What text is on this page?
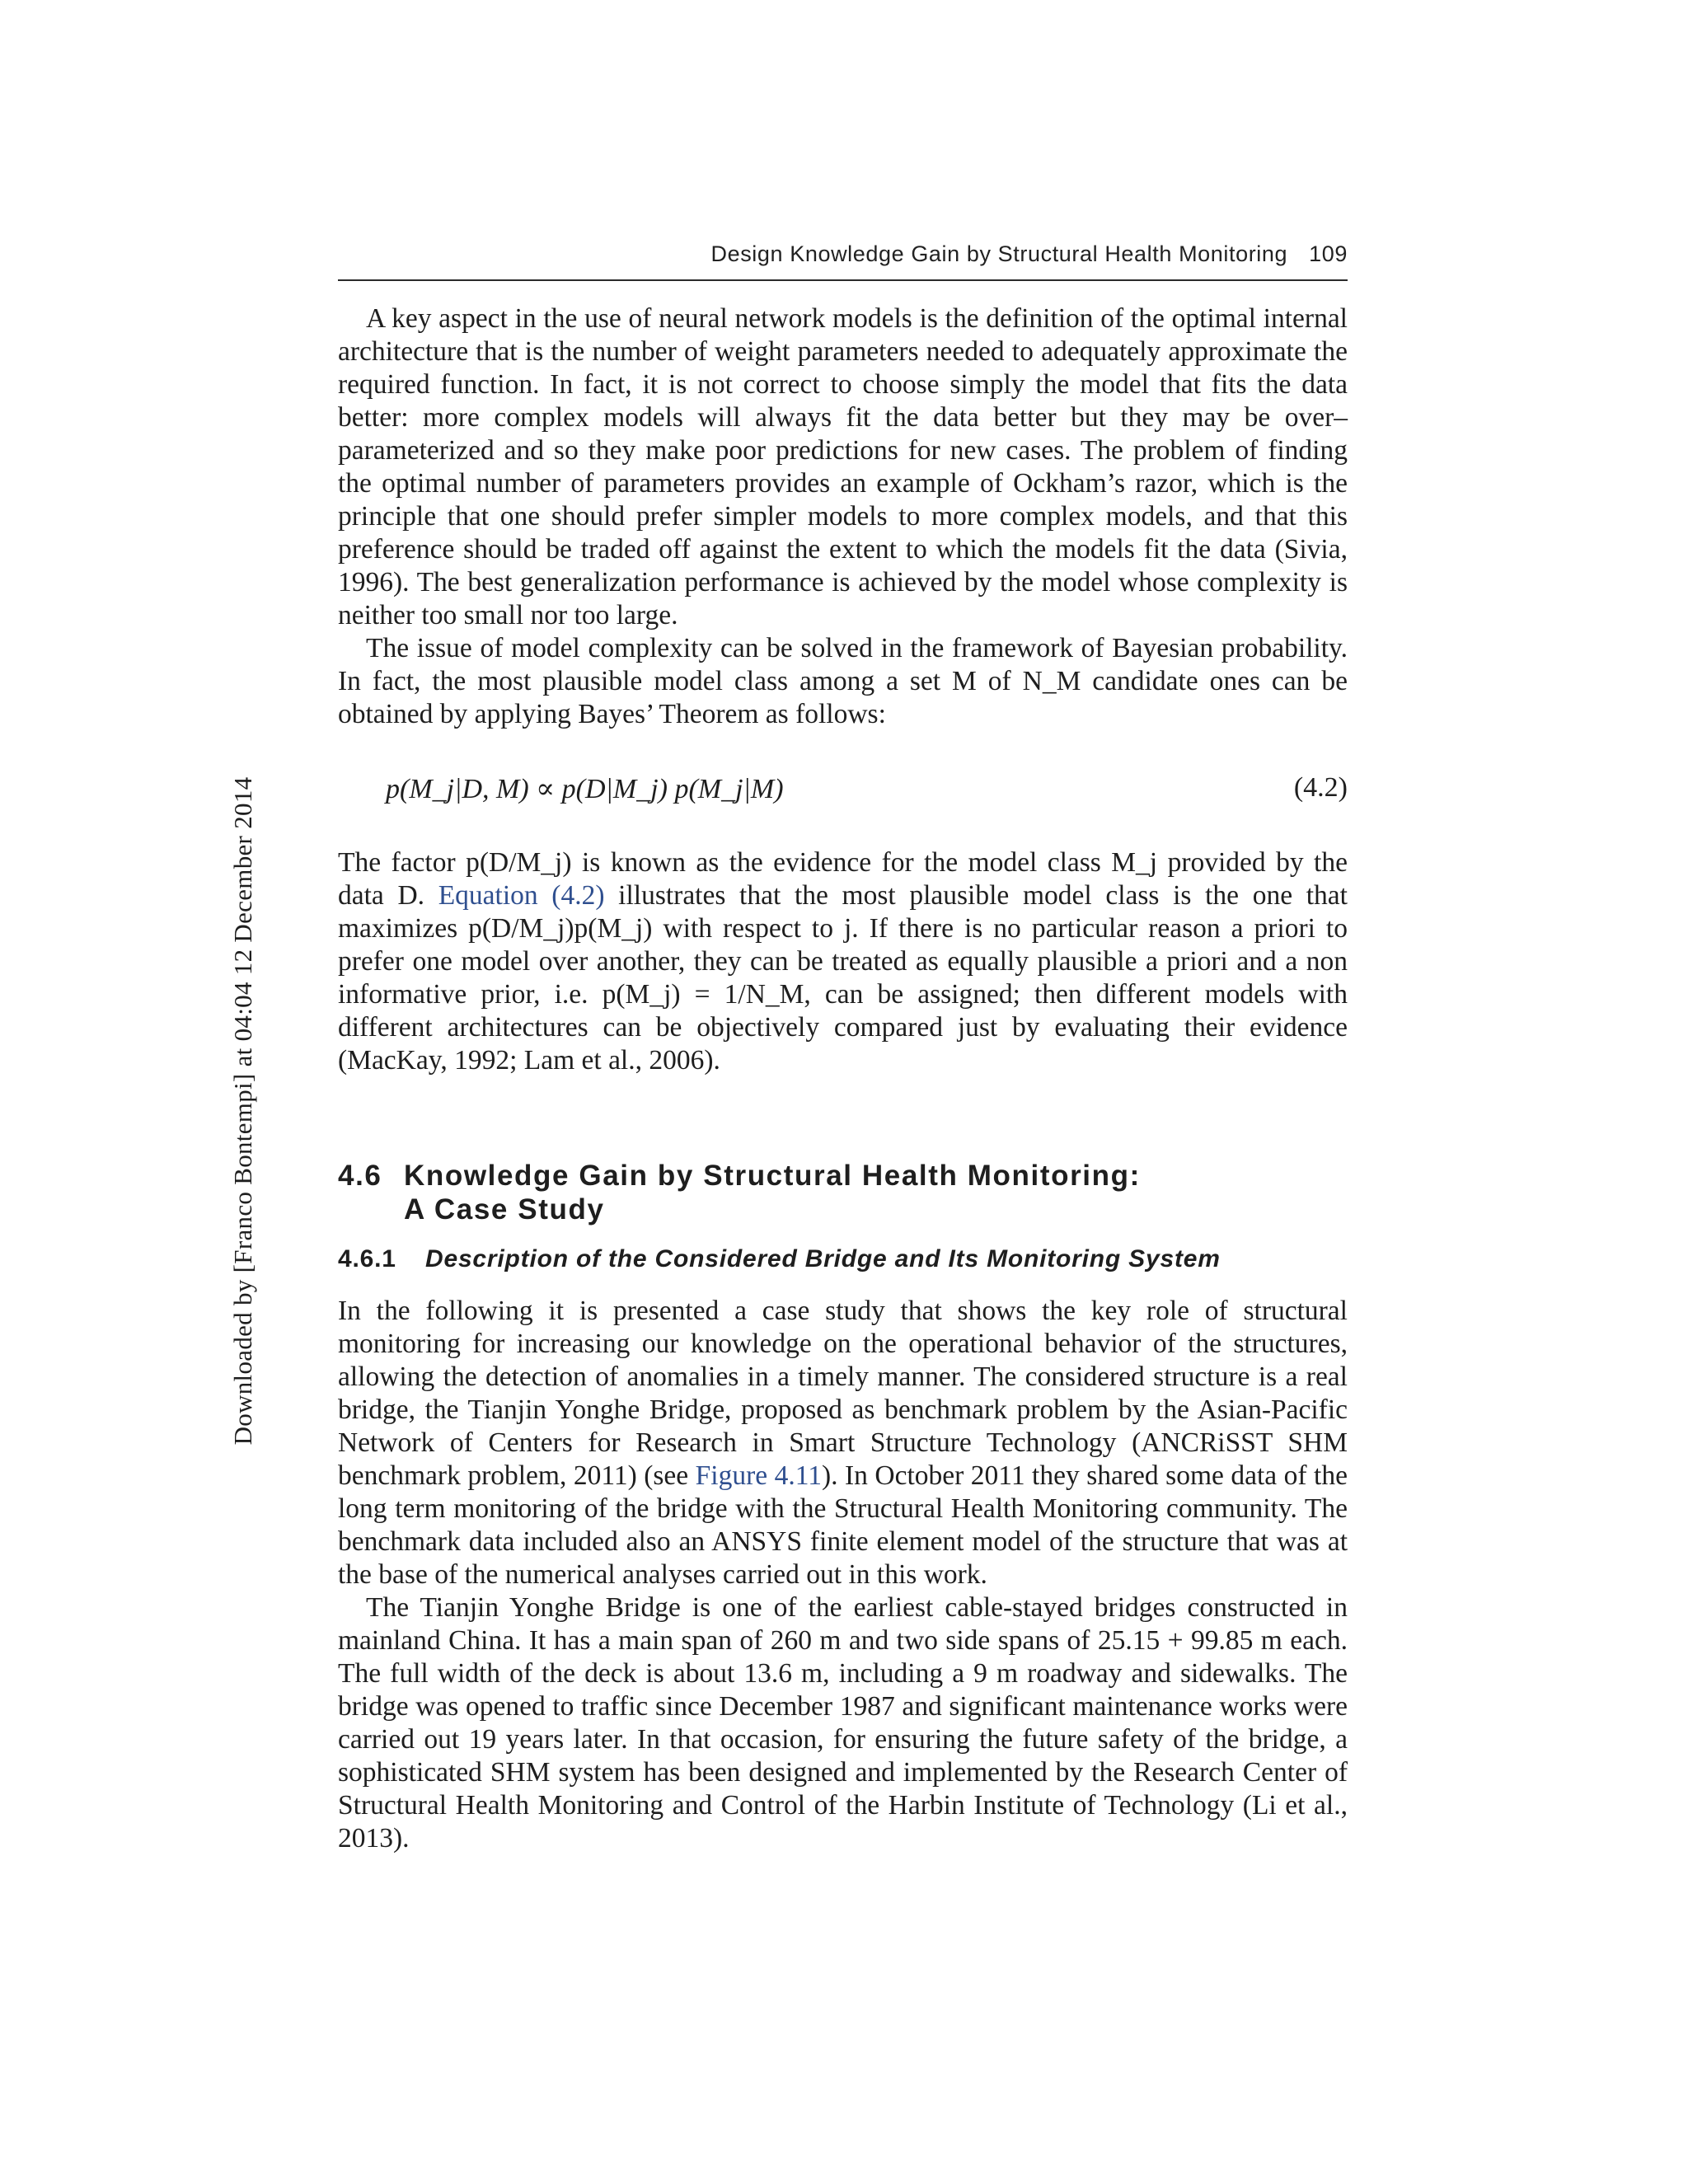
Design Knowledge Gain by Structural Health Monitoring 109
Downloaded by [Franco Bontempi] at 04:04 12 December 2014

A key aspect in the use of neural network models is the definition of the optimal internal architecture that is the number of weight parameters needed to adequately approximate the required function. In fact, it is not correct to choose simply the model that fits the data better: more complex models will always fit the data better but they may be over–parameterized and so they make poor predictions for new cases. The problem of finding the optimal number of parameters provides an example of Ockham’s razor, which is the principle that one should prefer simpler models to more complex models, and that this preference should be traded off against the extent to which the models fit the data (Sivia, 1996). The best generalization performance is achieved by the model whose complexity is neither too small nor too large.

The issue of model complexity can be solved in the framework of Bayesian probability. In fact, the most plausible model class among a set M of N_M candidate ones can be obtained by applying Bayes’ Theorem as follows:

p(M_j|D, M) ∝ p(D|M_j) p(M_j|M)	(4.2)

The factor p(D/M_j) is known as the evidence for the model class M_j provided by the data D. Equation (4.2) illustrates that the most plausible model class is the one that maximizes p(D/M_j)p(M_j) with respect to j. If there is no particular reason a priori to prefer one model over another, they can be treated as equally plausible a priori and a non informative prior, i.e. p(M_j) = 1/N_M, can be assigned; then different models with different architectures can be objectively compared just by evaluating their evidence (MacKay, 1992; Lam et al., 2006).

4.6 Knowledge Gain by Structural Health Monitoring:
A Case Study
4.6.1 Description of the Considered Bridge and Its Monitoring System

In the following it is presented a case study that shows the key role of structural monitoring for increasing our knowledge on the operational behavior of the structures, allowing the detection of anomalies in a timely manner. The considered structure is a real bridge, the Tianjin Yonghe Bridge, proposed as benchmark problem by the Asian-Pacific Network of Centers for Research in Smart Structure Technology (ANCRiSST SHM benchmark problem, 2011) (see Figure 4.11). In October 2011 they shared some data of the long term monitoring of the bridge with the Structural Health Monitoring community. The benchmark data included also an ANSYS finite element model of the structure that was at the base of the numerical analyses carried out in this work.

The Tianjin Yonghe Bridge is one of the earliest cable-stayed bridges constructed in mainland China. It has a main span of 260 m and two side spans of 25.15 + 99.85 m each. The full width of the deck is about 13.6 m, including a 9 m roadway and sidewalks. The bridge was opened to traffic since December 1987 and significant maintenance works were carried out 19 years later. In that occasion, for ensuring the future safety of the bridge, a sophisticated SHM system has been designed and implemented by the Research Center of Structural Health Monitoring and Control of the Harbin Institute of Technology (Li et al., 2013).
